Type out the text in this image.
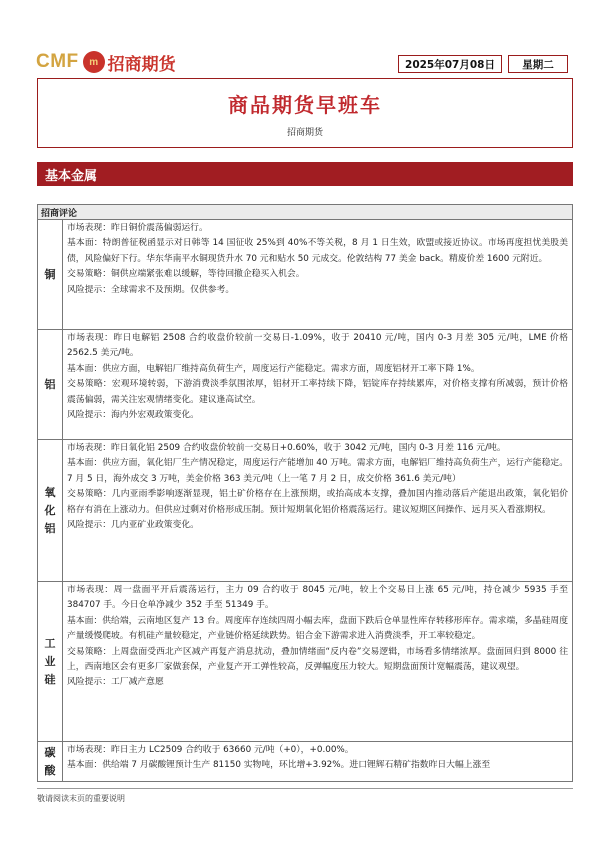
CMF	m 招商期货	2025年07月08日	星期二
商品期货早班车
招商期货
基本金属
招商评论
铜

市场表现：昨日铜价震荡偏弱运行。

基本面：特朗普征税函显示对日韩等 14 国征收 25%到 40%不等关税，8 月 1 日生效，欧盟或接近协议。市场再度担忧美股美债，风险偏好下行。华东华南平水铜现货升水 70 元和贴水 50 元成交。伦敦结构 77 美金 back。精废价差 1600 元附近。

交易策略：铜供应端紧张难以缓解，等待回撤企稳买入机会。

风险提示：全球需求不及预期。仅供参考。

铝

市场表现：昨日电解铝 2508 合约收盘价较前一交易日-1.09%，收于 20410 元/吨，国内 0-3 月差 305 元/吨，LME 价格 2562.5 美元/吨。

基本面：供应方面，电解铝厂维持高负荷生产，周度运行产能稳定。需求方面，周度铝材开工率下降 1%。

交易策略：宏观环境转弱，下游消费淡季氛围浓厚，铝材开工率持续下降，铝锭库存持续累库，对价格支撑有所减弱，预计价格震荡偏弱，需关注宏观情绪变化。建议逢高试空。

风险提示：海内外宏观政策变化。

氧化铝

市场表现：昨日氧化铝 2509 合约收盘价较前一交易日+0.60%，收于 3042 元/吨，国内 0-3 月差 116 元/吨。

基本面：供应方面，氧化铝厂生产情况稳定，周度运行产能增加 40 万吨。需求方面，电解铝厂维持高负荷生产，运行产能稳定。7 月 5 日，海外成交 3 万吨，美金价格 363 美元/吨（上一笔 7 月 2 日，成交价格 361.6 美元/吨）

交易策略：几内亚雨季影响逐渐显现，铝土矿价格存在上涨预期，或抬高成本支撑，叠加国内推动落后产能退出政策，氧化铝价格存有消在上涨动力。但供应过剩对价格形成压制。预计短期氧化铝价格震荡运行。建议短期区间操作、远月买入看涨期权。

风险提示：几内亚矿业政策变化。

工业硅

市场表现：周一盘面平开后震荡运行，主力 09 合约收于 8045 元/吨，较上个交易日上涨 65 元/吨，持仓减少 5935 手至 384707 手。今日仓单净减少 352 手至 51349 手。

基本面：供给端，云南地区复产 13 台。周度库存连续四周小幅去库，盘面下跌后仓单显性库存转移形库存。需求端，多晶硅周度产量缓慢爬坡。有机硅产量较稳定，产业链价格延续跌势。铝合金下游需求进入消费淡季，开工率较稳定。

交易策略：上周盘面受西北产区减产再复产消息扰动，叠加情绪面“反内卷”交易逻辑，市场看多情绪浓厚。盘面回归到 8000 往上，西南地区会有更多厂家做套保，产业复产开工弹性较高，反弹幅度压力较大。短期盘面预计宽幅震荡，建议观望。

风险提示：工厂减产意愿

碳酸

市场表现：昨日主力 LC2509 合约收于 63660 元/吨（+0），+0.00%。

基本面：供给端 7 月碳酸锂预计生产 81150 实物吨，环比增+3.92%。进口锂辉石精矿指数昨日大幅上涨至

敬请阅读末页的重要说明
